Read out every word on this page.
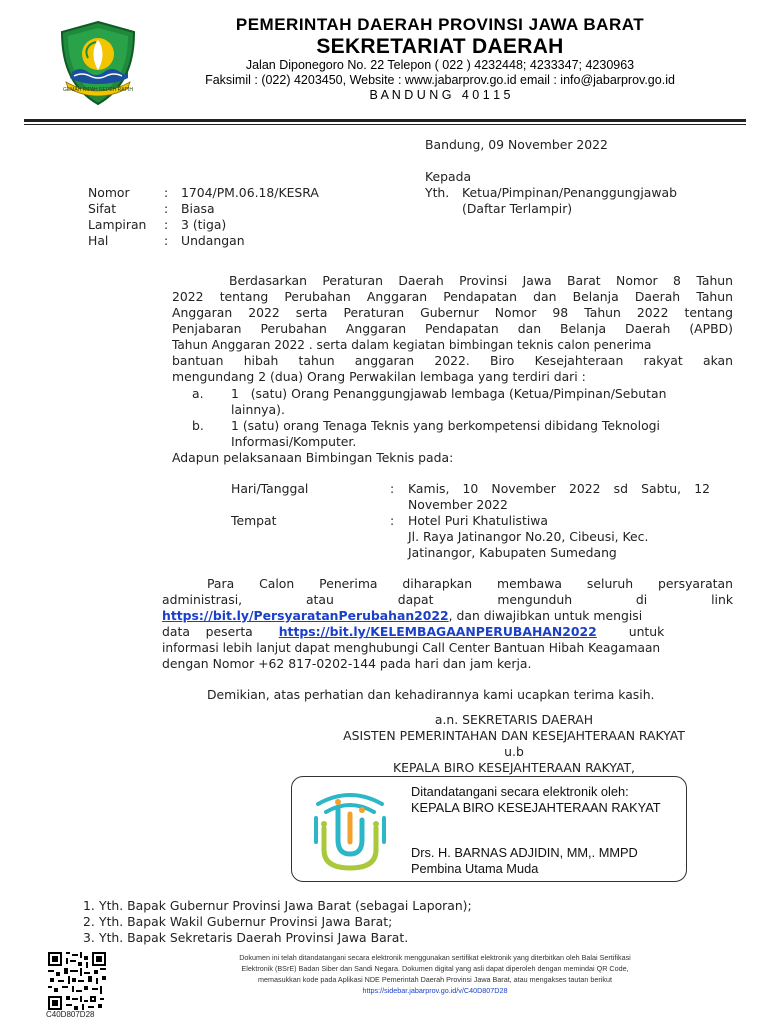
GEMAH RIPAH REPEH RAPIH
PEMERINTAH DAERAH PROVINSI JAWA BARAT
SEKRETARIAT DAERAH
Jalan Diponegoro No. 22 Telepon ( 022 ) 4232448; 4233347; 4230963
Faksimil : (022) 4203450, Website : www.jabarprov.go.id email : info@jabarprov.go.id
B A N D U N G   4 0 1 1 5
Bandung, 09 November 2022
Kepada
Yth. Ketua/Pimpinan/Penanggungjawab
(Daftar Terlampir)
Nomor	: 1704/PM.06.18/KESRA
Sifat	: Biasa
Lampiran : 3 (tiga)
Hal	: Undangan
Berdasarkan Peraturan Daerah Provinsi Jawa Barat Nomor 8 Tahun
2022 tentang Perubahan Anggaran Pendapatan dan Belanja Daerah Tahun
Anggaran 2022 serta Peraturan Gubernur Nomor 98 Tahun 2022 tentang
Penjabaran Perubahan Anggaran Pendapatan dan Belanja Daerah (APBD)
Tahun Anggaran 2022 . serta dalam kegiatan bimbingan teknis calon penerima
bantuan hibah tahun anggaran 2022. Biro Kesejahteraan rakyat akan
mengundang 2 (dua) Orang Perwakilan lembaga yang terdiri dari :
a. 1   (satu) Orang Penanggungjawab lembaga (Ketua/Pimpinan/Sebutan
lainnya).
b. 1 (satu) orang Tenaga Teknis yang berkompetensi dibidang Teknologi
Informasi/Komputer.
Adapun pelaksanaan Bimbingan Teknis pada:
Hari/Tanggal	: Kamis, 10 November 2022 sd Sabtu, 12
November 2022
Tempat	: Hotel Puri Khatulistiwa
Jl. Raya Jatinangor No.20, Cibeusi, Kec.
Jatinangor, Kabupaten Sumedang
Para Calon Penerima diharapkan membawa seluruh persyaratan
administrasi,        atau        dapat        mengunduh        di        link
https://bit.ly/PersyaratanPerubahan2022, dan diwajibkan untuk mengisi
data    peserta https://bit.ly/KELEMBAGAANPERUBAHAN2022	untuk
informasi lebih lanjut dapat menghubungi Call Center Bantuan Hibah Keagamaan
dengan Nomor +62 817-0202-144 pada hari dan jam kerja.
Demikian, atas perhatian dan kehadirannya kami ucapkan terima kasih.
a.n. SEKRETARIS DAERAH
ASISTEN PEMERINTAHAN DAN KESEJAHTERAAN RAKYAT
u.b
KEPALA BIRO KESEJAHTERAAN RAKYAT,
Ditandatangani secara elektronik oleh:
KEPALA BIRO KESEJAHTERAAN RAKYAT
Drs. H. BARNAS ADJIDIN, MM,. MMPD
Pembina Utama Muda
1. Yth. Bapak Gubernur Provinsi Jawa Barat (sebagai Laporan);
2. Yth. Bapak Wakil Gubernur Provinsi Jawa Barat;
3. Yth. Bapak Sekretaris Daerah Provinsi Jawa Barat.
C40D807D28
Dokumen ini telah ditandatangani secara elektronik menggunakan sertifikat elektronik yang diterbitkan oleh Balai Sertifikasi
Elektronik (BSrE) Badan Siber dan Sandi Negara. Dokumen digital yang asli dapat diperoleh dengan memindai QR Code,
memasukkan kode pada Aplikasi NDE Pemerintah Daerah Provinsi Jawa Barat, atau mengakses tautan berikut
https://sidebar.jabarprov.go.id/v/C40D807D28
